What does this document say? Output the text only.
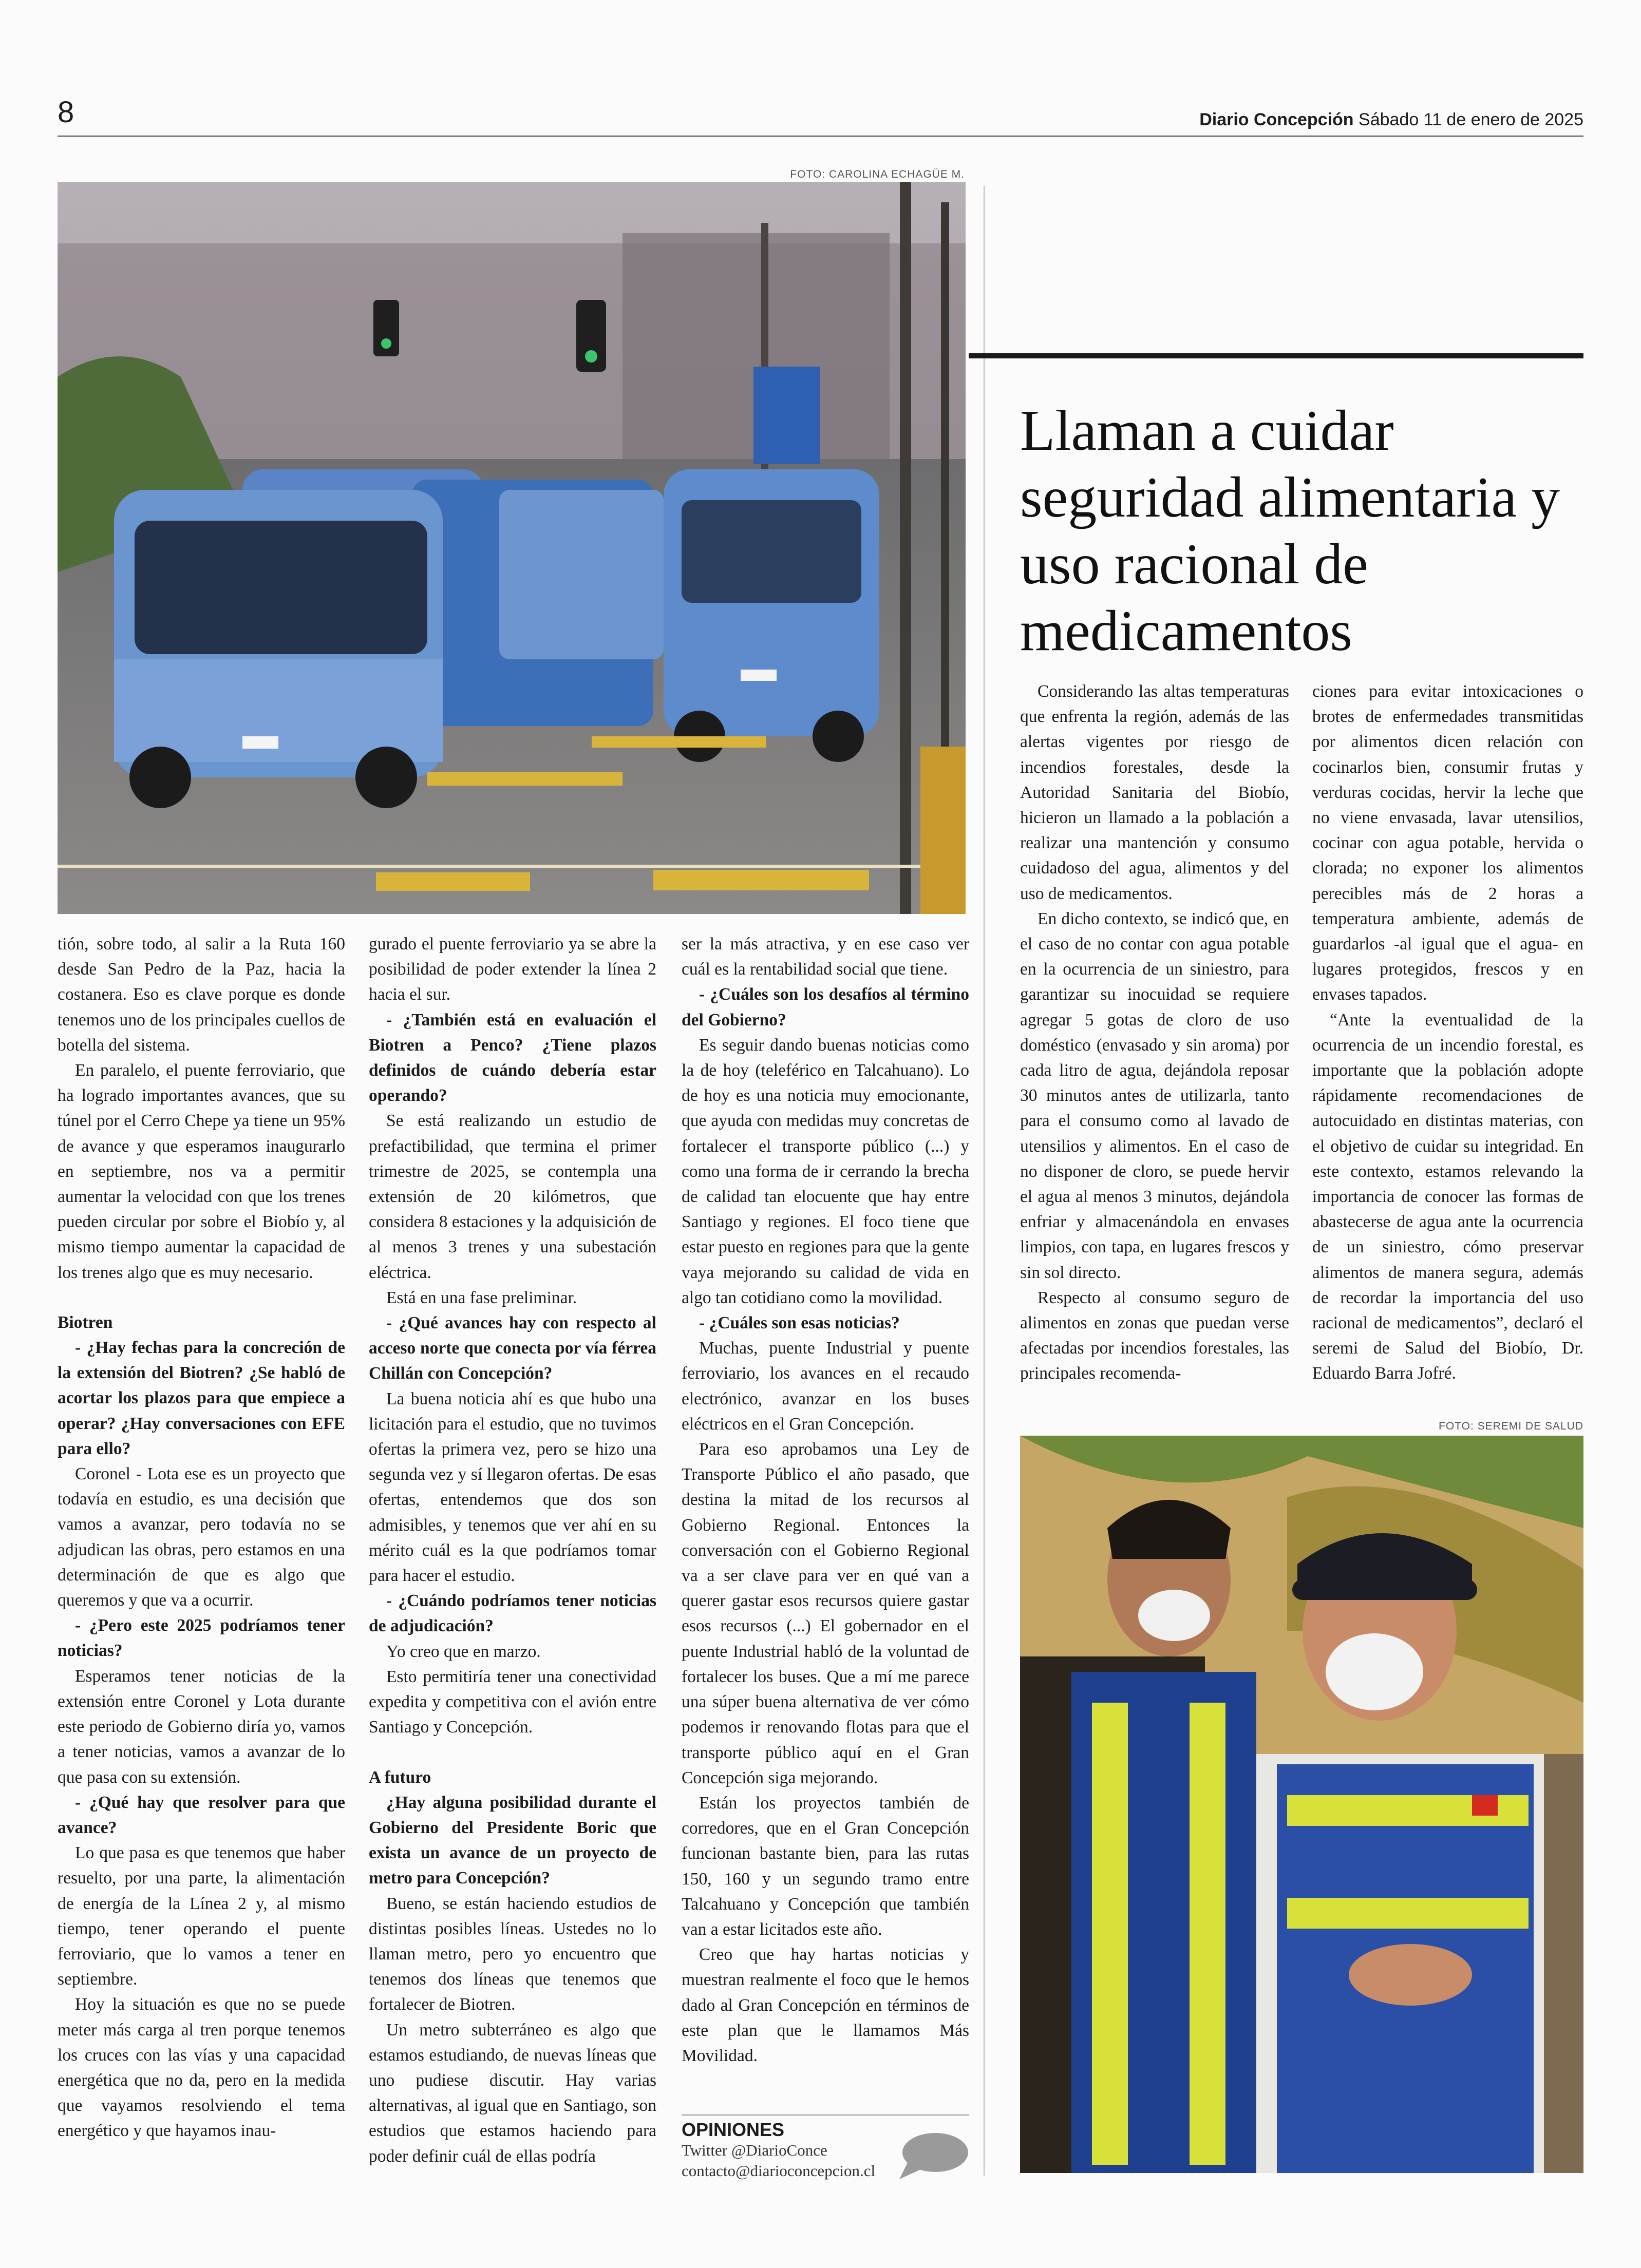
8	Diario Concepción Sábado 11 de enero de 2025
FOTO: CAROLINA ECHAGÜE M.

tión, sobre todo, al salir a la Ruta 160 desde San Pedro de la Paz, hacia la costanera. Eso es clave porque es donde tenemos uno de los principales cuellos de botella del sistema.

En paralelo, el puente ferroviario, que ha logrado importantes avances, que su túnel por el Cerro Chepe ya tiene un 95% de avance y que esperamos inaugurarlo en septiembre, nos va a permitir aumentar la velocidad con que los trenes pueden circular por sobre el Biobío y, al mismo tiempo aumentar la capacidad de los trenes algo que es muy necesario.

Biotren

- ¿Hay fechas para la concreción de la extensión del Biotren? ¿Se habló de acortar los plazos para que empiece a operar? ¿Hay conversaciones con EFE para ello?

Coronel - Lota ese es un proyecto que todavía en estudio, es una decisión que vamos a avanzar, pero todavía no se adjudican las obras, pero estamos en una determinación de que es algo que queremos y que va a ocurrir.

- ¿Pero este 2025 podríamos tener noticias?

Esperamos tener noticias de la extensión entre Coronel y Lota durante este periodo de Gobierno diría yo, vamos a tener noticias, vamos a avanzar de lo que pasa con su extensión.

- ¿Qué hay que resolver para que avance?

Lo que pasa es que tenemos que haber resuelto, por una parte, la alimentación de energía de la Línea 2 y, al mismo tiempo, tener operando el puente ferroviario, que lo vamos a tener en septiembre.

Hoy la situación es que no se puede meter más carga al tren porque tenemos los cruces con las vías y una capacidad energética que no da, pero en la medida que vayamos resolviendo el tema energético y que hayamos inau-

gurado el puente ferroviario ya se abre la posibilidad de poder extender la línea 2 hacia el sur.

- ¿También está en evaluación el Biotren a Penco? ¿Tiene plazos definidos de cuándo debería estar operando?

Se está realizando un estudio de prefactibilidad, que termina el primer trimestre de 2025, se contempla una extensión de 20 kilómetros, que considera 8 estaciones y la adquisición de al menos 3 trenes y una subestación eléctrica.

Está en una fase preliminar.

- ¿Qué avances hay con respecto al acceso norte que conecta por vía férrea Chillán con Concepción?

La buena noticia ahí es que hubo una licitación para el estudio, que no tuvimos ofertas la primera vez, pero se hizo una segunda vez y sí llegaron ofertas. De esas ofertas, entendemos que dos son admisibles, y tenemos que ver ahí en su mérito cuál es la que podríamos tomar para hacer el estudio.

- ¿Cuándo podríamos tener noticias de adjudicación?

Yo creo que en marzo.

Esto permitiría tener una conectividad expedita y competitiva con el avión entre Santiago y Concepción.

A futuro

¿Hay alguna posibilidad durante el Gobierno del Presidente Boric que exista un avance de un proyecto de metro para Concepción?

Bueno, se están haciendo estudios de distintas posibles líneas. Ustedes no lo llaman metro, pero yo encuentro que tenemos dos líneas que tenemos que fortalecer de Biotren.

Un metro subterráneo es algo que estamos estudiando, de nuevas líneas que uno pudiese discutir. Hay varias alternativas, al igual que en Santiago, son estudios que estamos haciendo para poder definir cuál de ellas podría

ser la más atractiva, y en ese caso ver cuál es la rentabilidad social que tiene.

- ¿Cuáles son los desafíos al término del Gobierno?

Es seguir dando buenas noticias como la de hoy (teleférico en Talcahuano). Lo de hoy es una noticia muy emocionante, que ayuda con medidas muy concretas de fortalecer el transporte público (...) y como una forma de ir cerrando la brecha de calidad tan elocuente que hay entre Santiago y regiones. El foco tiene que estar puesto en regiones para que la gente vaya mejorando su calidad de vida en algo tan cotidiano como la movilidad.

- ¿Cuáles son esas noticias?

Muchas, puente Industrial y puente ferroviario, los avances en el recaudo electrónico, avanzar en los buses eléctricos en el Gran Concepción.

Para eso aprobamos una Ley de Transporte Público el año pasado, que destina la mitad de los recursos al Gobierno Regional. Entonces la conversación con el Gobierno Regional va a ser clave para ver en qué van a querer gastar esos recursos quiere gastar esos recursos (...) El gobernador en el puente Industrial habló de la voluntad de fortalecer los buses. Que a mí me parece una súper buena alternativa de ver cómo podemos ir renovando flotas para que el transporte público aquí en el Gran Concepción siga mejorando.

Están los proyectos también de corredores, que en el Gran Concepción funcionan bastante bien, para las rutas 150, 160 y un segundo tramo entre Talcahuano y Concepción que también van a estar licitados este año.

Creo que hay hartas noticias y muestran realmente el foco que le hemos dado al Gran Concepción en términos de este plan que le llamamos Más Movilidad.

OPINIONES
Twitter @DiarioConce
contacto@diarioconcepcion.cl
Llaman a cuidar seguridad alimentaria y uso racional de medicamentos

Considerando las altas temperaturas que enfrenta la región, además de las alertas vigentes por riesgo de incendios forestales, desde la Autoridad Sanitaria del Biobío, hicieron un llamado a la población a realizar una mantención y consumo cuidadoso del agua, alimentos y del uso de medicamentos.

En dicho contexto, se indicó que, en el caso de no contar con agua potable en la ocurrencia de un siniestro, para garantizar su inocuidad se requiere agregar 5 gotas de cloro de uso doméstico (envasado y sin aroma) por cada litro de agua, dejándola reposar 30 minutos antes de utilizarla, tanto para el consumo como al lavado de utensilios y alimentos. En el caso de no disponer de cloro, se puede hervir el agua al menos 3 minutos, dejándola enfriar y almacenándola en envases limpios, con tapa, en lugares frescos y sin sol directo.

Respecto al consumo seguro de alimentos en zonas que puedan verse afectadas por incendios forestales, las principales recomenda-

ciones para evitar intoxicaciones o brotes de enfermedades transmitidas por alimentos dicen relación con cocinarlos bien, consumir frutas y verduras cocidas, hervir la leche que no viene envasada, lavar utensilios, cocinar con agua potable, hervida o clorada; no exponer los alimentos perecibles más de 2 horas a temperatura ambiente, además de guardarlos -al igual que el agua- en lugares protegidos, frescos y en envases tapados.

“Ante la eventualidad de la ocurrencia de un incendio forestal, es importante que la población adopte rápidamente recomendaciones de autocuidado en distintas materias, con el objetivo de cuidar su integridad. En este contexto, estamos relevando la importancia de conocer las formas de abastecerse de agua ante la ocurrencia de un siniestro, cómo preservar alimentos de manera segura, además de recordar la importancia del uso racional de medicamentos”, declaró el seremi de Salud del Biobío, Dr. Eduardo Barra Jofré.

FOTO: SEREMI DE SALUD
